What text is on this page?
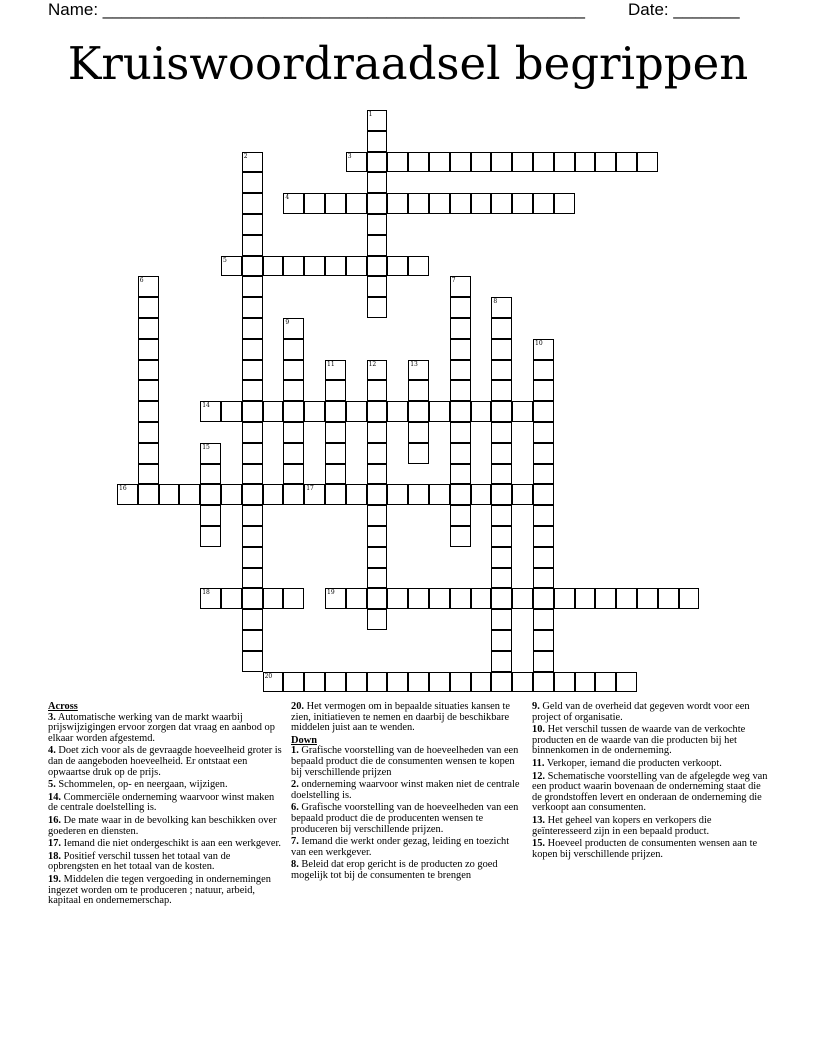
Name: ___________________________________________________	Date: _______
Kruiswoordraadsel begrippen
1
2	3
4
5
6	7
8
9
10
11	12	13
14
15
16	17
18	19
20
Across
3. Automatische werking van de markt waarbij prijswijzigingen ervoor zorgen dat vraag en aanbod op elkaar worden afgestemd.
4. Doet zich voor als de gevraagde hoeveelheid groter is dan de aangeboden hoeveelheid. Er ontstaat een opwaartse druk op de prijs.
5. Schommelen, op- en neergaan, wijzigen.
14. Commerciële onderneming waarvoor winst maken de centrale doelstelling is.
16. De mate waar in de bevolking kan beschikken over goederen en diensten.
17. Iemand die niet ondergeschikt is aan een werkgever.
18. Positief verschil tussen het totaal van de opbrengsten en het totaal van de kosten.
19. Middelen die tegen vergoeding in ondernemingen ingezet worden om te produceren ; natuur, arbeid, kapitaal en ondernemerschap.
20. Het vermogen om in bepaalde situaties kansen te zien, initiatieven te nemen en daarbij de beschikbare middelen juist aan te wenden.
Down
1. Grafische voorstelling van de hoeveelheden van een bepaald product die de consumenten wensen te kopen bij verschillende prijzen
2. onderneming waarvoor winst maken niet de centrale doelstelling is.
6. Grafische voorstelling van de hoeveelheden van een bepaald product die de producenten wensen te produceren bij verschillende prijzen.
7. Iemand die werkt onder gezag, leiding en toezicht van een werkgever.
8. Beleid dat erop gericht is de producten zo goed mogelijk tot bij de consumenten te brengen
9. Geld van de overheid dat gegeven wordt voor een project of organisatie.
10. Het verschil tussen de waarde van de verkochte producten en de waarde van die producten bij het binnenkomen in de onderneming.
11. Verkoper, iemand die producten verkoopt.
12. Schematische voorstelling van de afgelegde weg van een product waarin bovenaan de onderneming staat die de grondstoffen levert en onderaan de onderneming die verkoopt aan consumenten.
13. Het geheel van kopers en verkopers die geïnteresseerd zijn in een bepaald product.
15. Hoeveel producten de consumenten wensen aan te kopen bij verschillende prijzen.
